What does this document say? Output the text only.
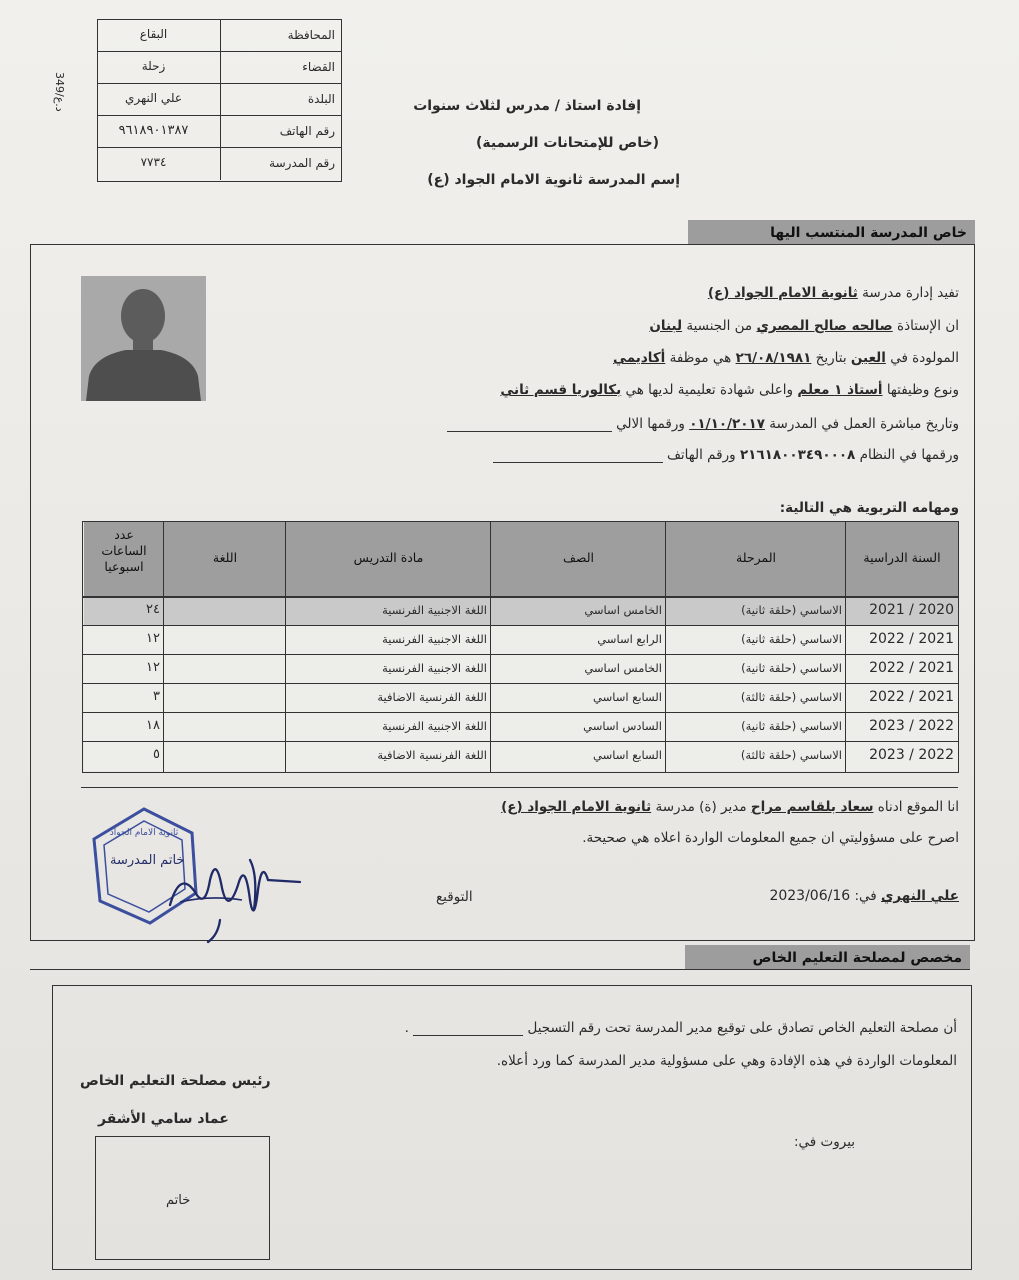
349/د.ع
المحافظة
البقاع
القضاء
زحلة
البلدة
علي النهري
رقم الهاتف
٩٦١٨٩٠١٣٨٧
رقم المدرسة
٧٧٣٤
إفادة استاذ / مدرس لثلاث سنوات
(خاص للإمتحانات الرسمية)
إسم المدرسة ثانوية الامام الجواد (ع)
خاص المدرسة المنتسب اليها
تفيد إدارة مدرسة ثانوية الامام الجواد (ع)
ان الإستاذة صالحه صالح المصري من الجنسية لبنان
المولودة في العين بتاريخ ٢٦/٠٨/١٩٨١ هي موظفة أكاديمي
ونوع وظيفتها أستاذ ١ معلم واعلى شهادة تعليمية لديها هي بكالوريا قسم ثاني
وتاريخ مباشرة العمل في المدرسة ٠١/١٠/٢٠١٧ ورقمها الالي
ورقمها في النظام ٢١٦١٨٠٠٣٤٩٠٠٠٨ ورقم الهاتف
ومهامه التربوية هي التالية:
السنة الدراسية
المرحلة
الصف
مادة التدريس
اللغة
عدد
الساعات
اسبوعيا
2020 / 2021
الاساسي (حلقة ثانية)
الخامس اساسي
اللغة الاجنبية الفرنسية
٢٤
2021 / 2022
الاساسي (حلقة ثانية)
الرابع اساسي
اللغة الاجنبية الفرنسية
١٢
2021 / 2022
الاساسي (حلقة ثانية)
الخامس اساسي
اللغة الاجنبية الفرنسية
١٢
2021 / 2022
الاساسي (حلقة ثالثة)
السابع اساسي
اللغة الفرنسية الاضافية
٣
2022 / 2023
الاساسي (حلقة ثانية)
السادس اساسي
اللغة الاجنبية الفرنسية
١٨
2022 / 2023
الاساسي (حلقة ثالثة)
السابع اساسي
اللغة الفرنسية الاضافية
٥
انا الموقع ادناه سعاد بلقاسم مراح مدير (ة) مدرسة ثانوية الامام الجواد (ع)
اصرح على مسؤوليتي ان جميع المعلومات الواردة اعلاه هي صحيحة.
علي النهري في: 2023/06/16
التوقيع
ثانوية الامام الجواد
خاتم المدرسة
مخصص لمصلحة التعليم الخاص
أن مصلحة التعليم الخاص تصادق على توقيع مدير المدرسة تحت رقم التسجيل  .
المعلومات الواردة في هذه الإفادة وهي على مسؤولية مدير المدرسة كما ورد أعلاه.
رئيس مصلحة التعليم الخاص
عماد سامي الأشقر
بيروت في:
خاتم
